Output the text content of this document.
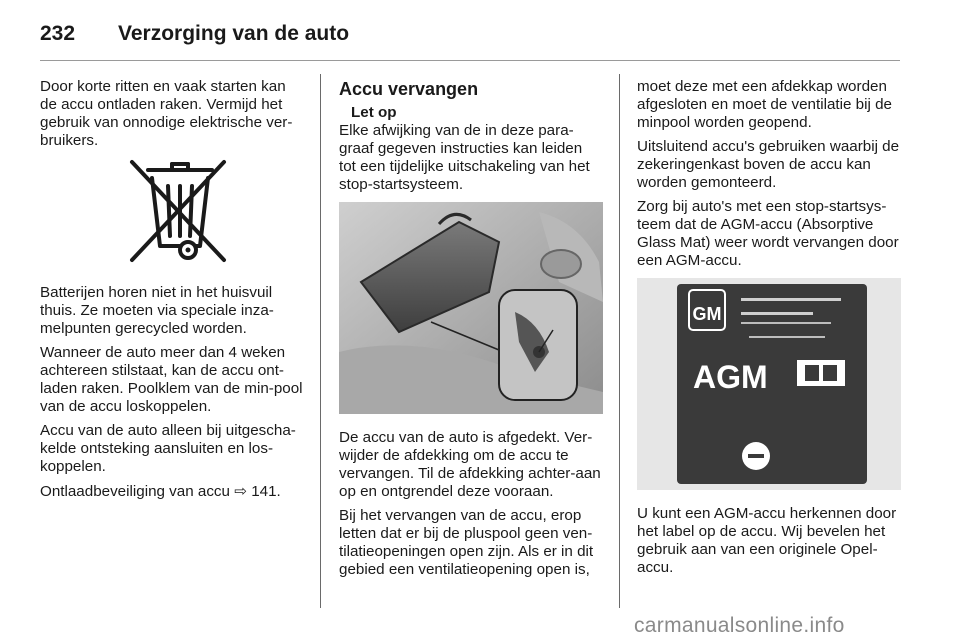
232	Verzorging van de auto

Door korte ritten en vaak starten kan de accu ontladen raken. Vermijd het gebruik van onnodige elektrische ver-bruikers.

Batterijen horen niet in het huisvuil thuis. Ze moeten via speciale inza-melpunten gerecycled worden.

Wanneer de auto meer dan 4 weken achtereen stilstaat, kan de accu ont-laden raken. Poolklem van de min-pool van de accu loskoppelen.

Accu van de auto alleen bij uitgescha-kelde ontsteking aansluiten en los-koppelen.

Ontlaadbeveiliging van accu ⇨ 141.

Accu vervangen
Let op

Elke afwijking van de in deze para-graaf gegeven instructies kan leiden tot een tijdelijke uitschakeling van het stop-startsysteem.

De accu van de auto is afgedekt. Ver-wijder de afdekking om de accu te vervangen. Til de afdekking achter-aan op en ontgrendel deze vooraan.

Bij het vervangen van de accu, erop letten dat er bij de pluspool geen ven-tilatieopeningen open zijn. Als er in dit gebied een ventilatieopening open is,

moet deze met een afdekkap worden afgesloten en moet de ventilatie bij de minpool worden geopend.

Uitsluitend accu's gebruiken waarbij de zekeringenkast boven de accu kan worden gemonteerd.

Zorg bij auto's met een stop-startsys-teem dat de AGM-accu (Absorptive Glass Mat) weer wordt vervangen door een AGM-accu.

GM
AGM

U kunt een AGM-accu herkennen door het label op de accu. Wij bevelen het gebruik aan van een originele Opel-accu.

carmanualsonline.info
